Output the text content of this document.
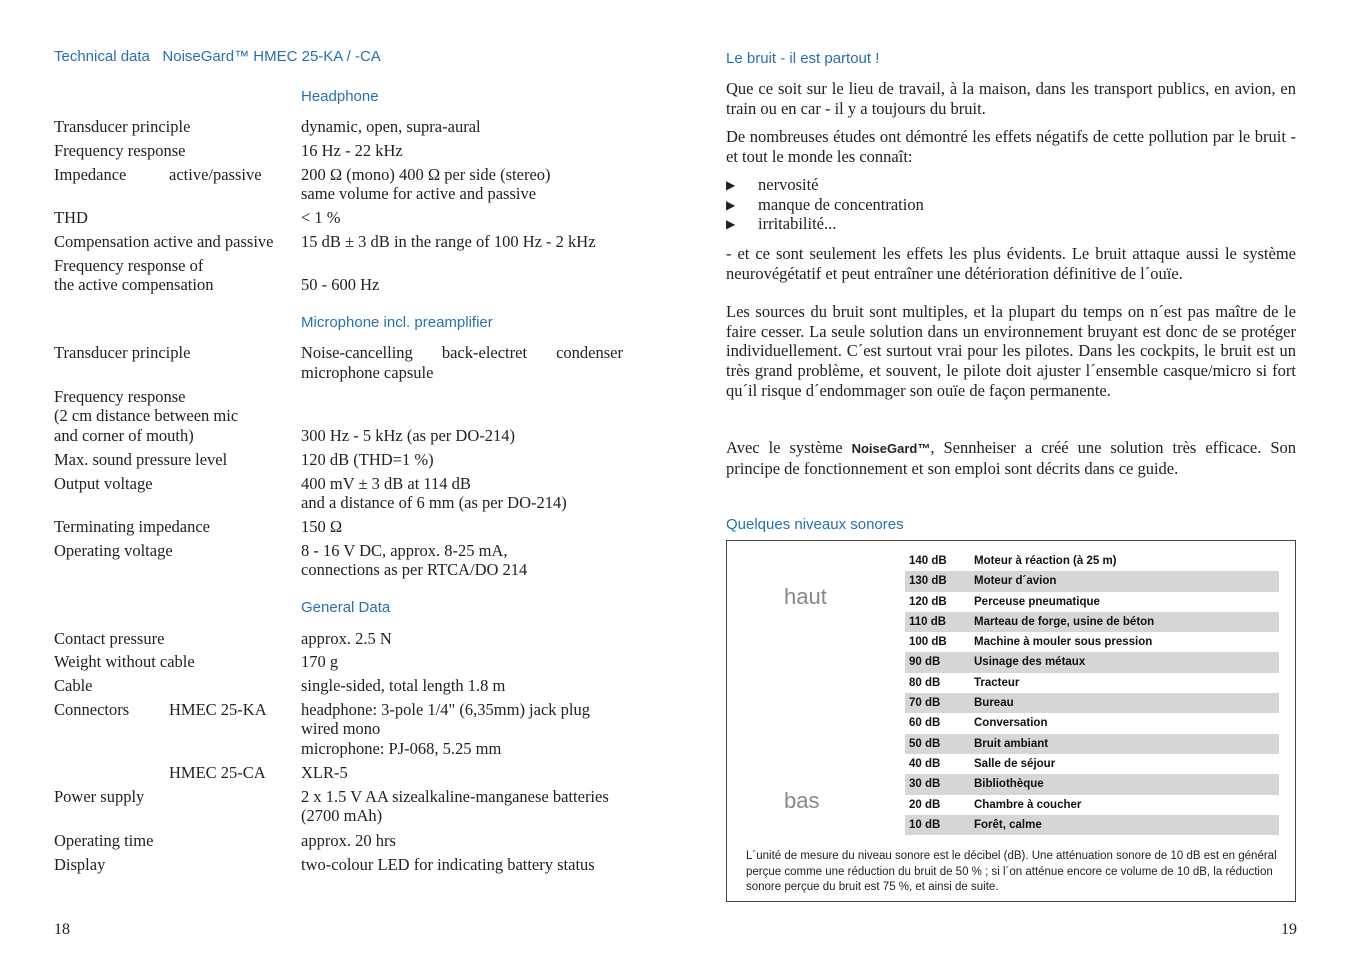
Technical data NoiseGard™ HMEC 25-KA / -CA
Headphone
Transducer principle	dynamic, open, supra-aural
Frequency response	16 Hz - 22 kHz
Impedance	active/passive 200 Ω (mono) 400 Ω per side (stereo)
same volume for active and passive
THD	< 1 %
Compensation active and passive 15 dB ± 3 dB in the range of 100 Hz - 2 kHz
Frequency response of
the active compensation	50 - 600 Hz
Microphone incl. preamplifier
Transducer principle	Noise-cancelling back-electret condenser microphone capsule
Frequency response
(2 cm distance between mic
and corner of mouth)	300 Hz - 5 kHz (as per DO-214)
Max. sound pressure level	120 dB (THD=1 %)
Output voltage	400 mV ± 3 dB at 114 dB
and a distance of 6 mm (as per DO-214)
Terminating impedance	150 Ω
Operating voltage	8 - 16 V DC, approx. 8-25 mA,
connections as per RTCA/DO 214
General Data
Contact pressure	approx. 2.5 N
Weight without cable	170 g
Cable	single-sided, total length 1.8 m
Connectors HMEC 25-KA headphone: 3-pole 1/4" (6,35mm) jack plug
wired mono
microphone: PJ-068, 5.25 mm
HMEC 25-CA XLR-5
Power supply	2 x 1.5 V AA sizealkaline-manganese batteries
(2700 mAh)
Operating time	approx. 20 hrs
Display	two-colour LED for indicating battery status
18
Le bruit - il est partout !
Que ce soit sur le lieu de travail, à la maison, dans les transport publics, en avion, en train ou en car - il y a toujours du bruit.
De nombreuses études ont démontré les effets négatifs de cette pollution par le bruit - et tout le monde les connaît:
▶ nervosité
▶ manque de concentration
▶ irritabilité...
- et ce sont seulement les effets les plus évidents. Le bruit attaque aussi le système neurovégétatif et peut entraîner une détérioration définitive de l´ouïe.
Les sources du bruit sont multiples, et la plupart du temps on n´est pas maître de le faire cesser. La seule solution dans un environnement bruyant est donc de se protéger individuellement. C´est surtout vrai pour les pilotes. Dans les cockpits, le bruit est un très grand problème, et souvent, le pilote doit ajuster l´ensemble casque/micro si fort qu´il risque d´endommager son ouïe de façon permanente.
Avec le système NoiseGard™, Sennheiser a créé une solution très efficace. Son principe de fonctionnement et son emploi sont décrits dans ce guide.
Quelques niveaux sonores
haut
bas
140 dB Moteur à réaction (à 25 m)
130 dB Moteur d´avion
120 dB Perceuse pneumatique
110 dB Marteau de forge, usine de béton
100 dB Machine à mouler sous pression
90 dB	Usinage des métaux
80 dB	Tracteur
70 dB	Bureau
60 dB	Conversation
50 dB	Bruit ambiant
40 dB	Salle de séjour
30 dB	Bibliothèque
20 dB	Chambre à coucher
10 dB	Forêt, calme
L´unité de mesure du niveau sonore est le décibel (dB). Une atténuation sonore de 10 dB est en général perçue comme une réduction du bruit de 50 % ; si l´on atténue encore ce volume de 10 dB, la réduction sonore perçue du bruit est 75 %, et ainsi de suite.
19
